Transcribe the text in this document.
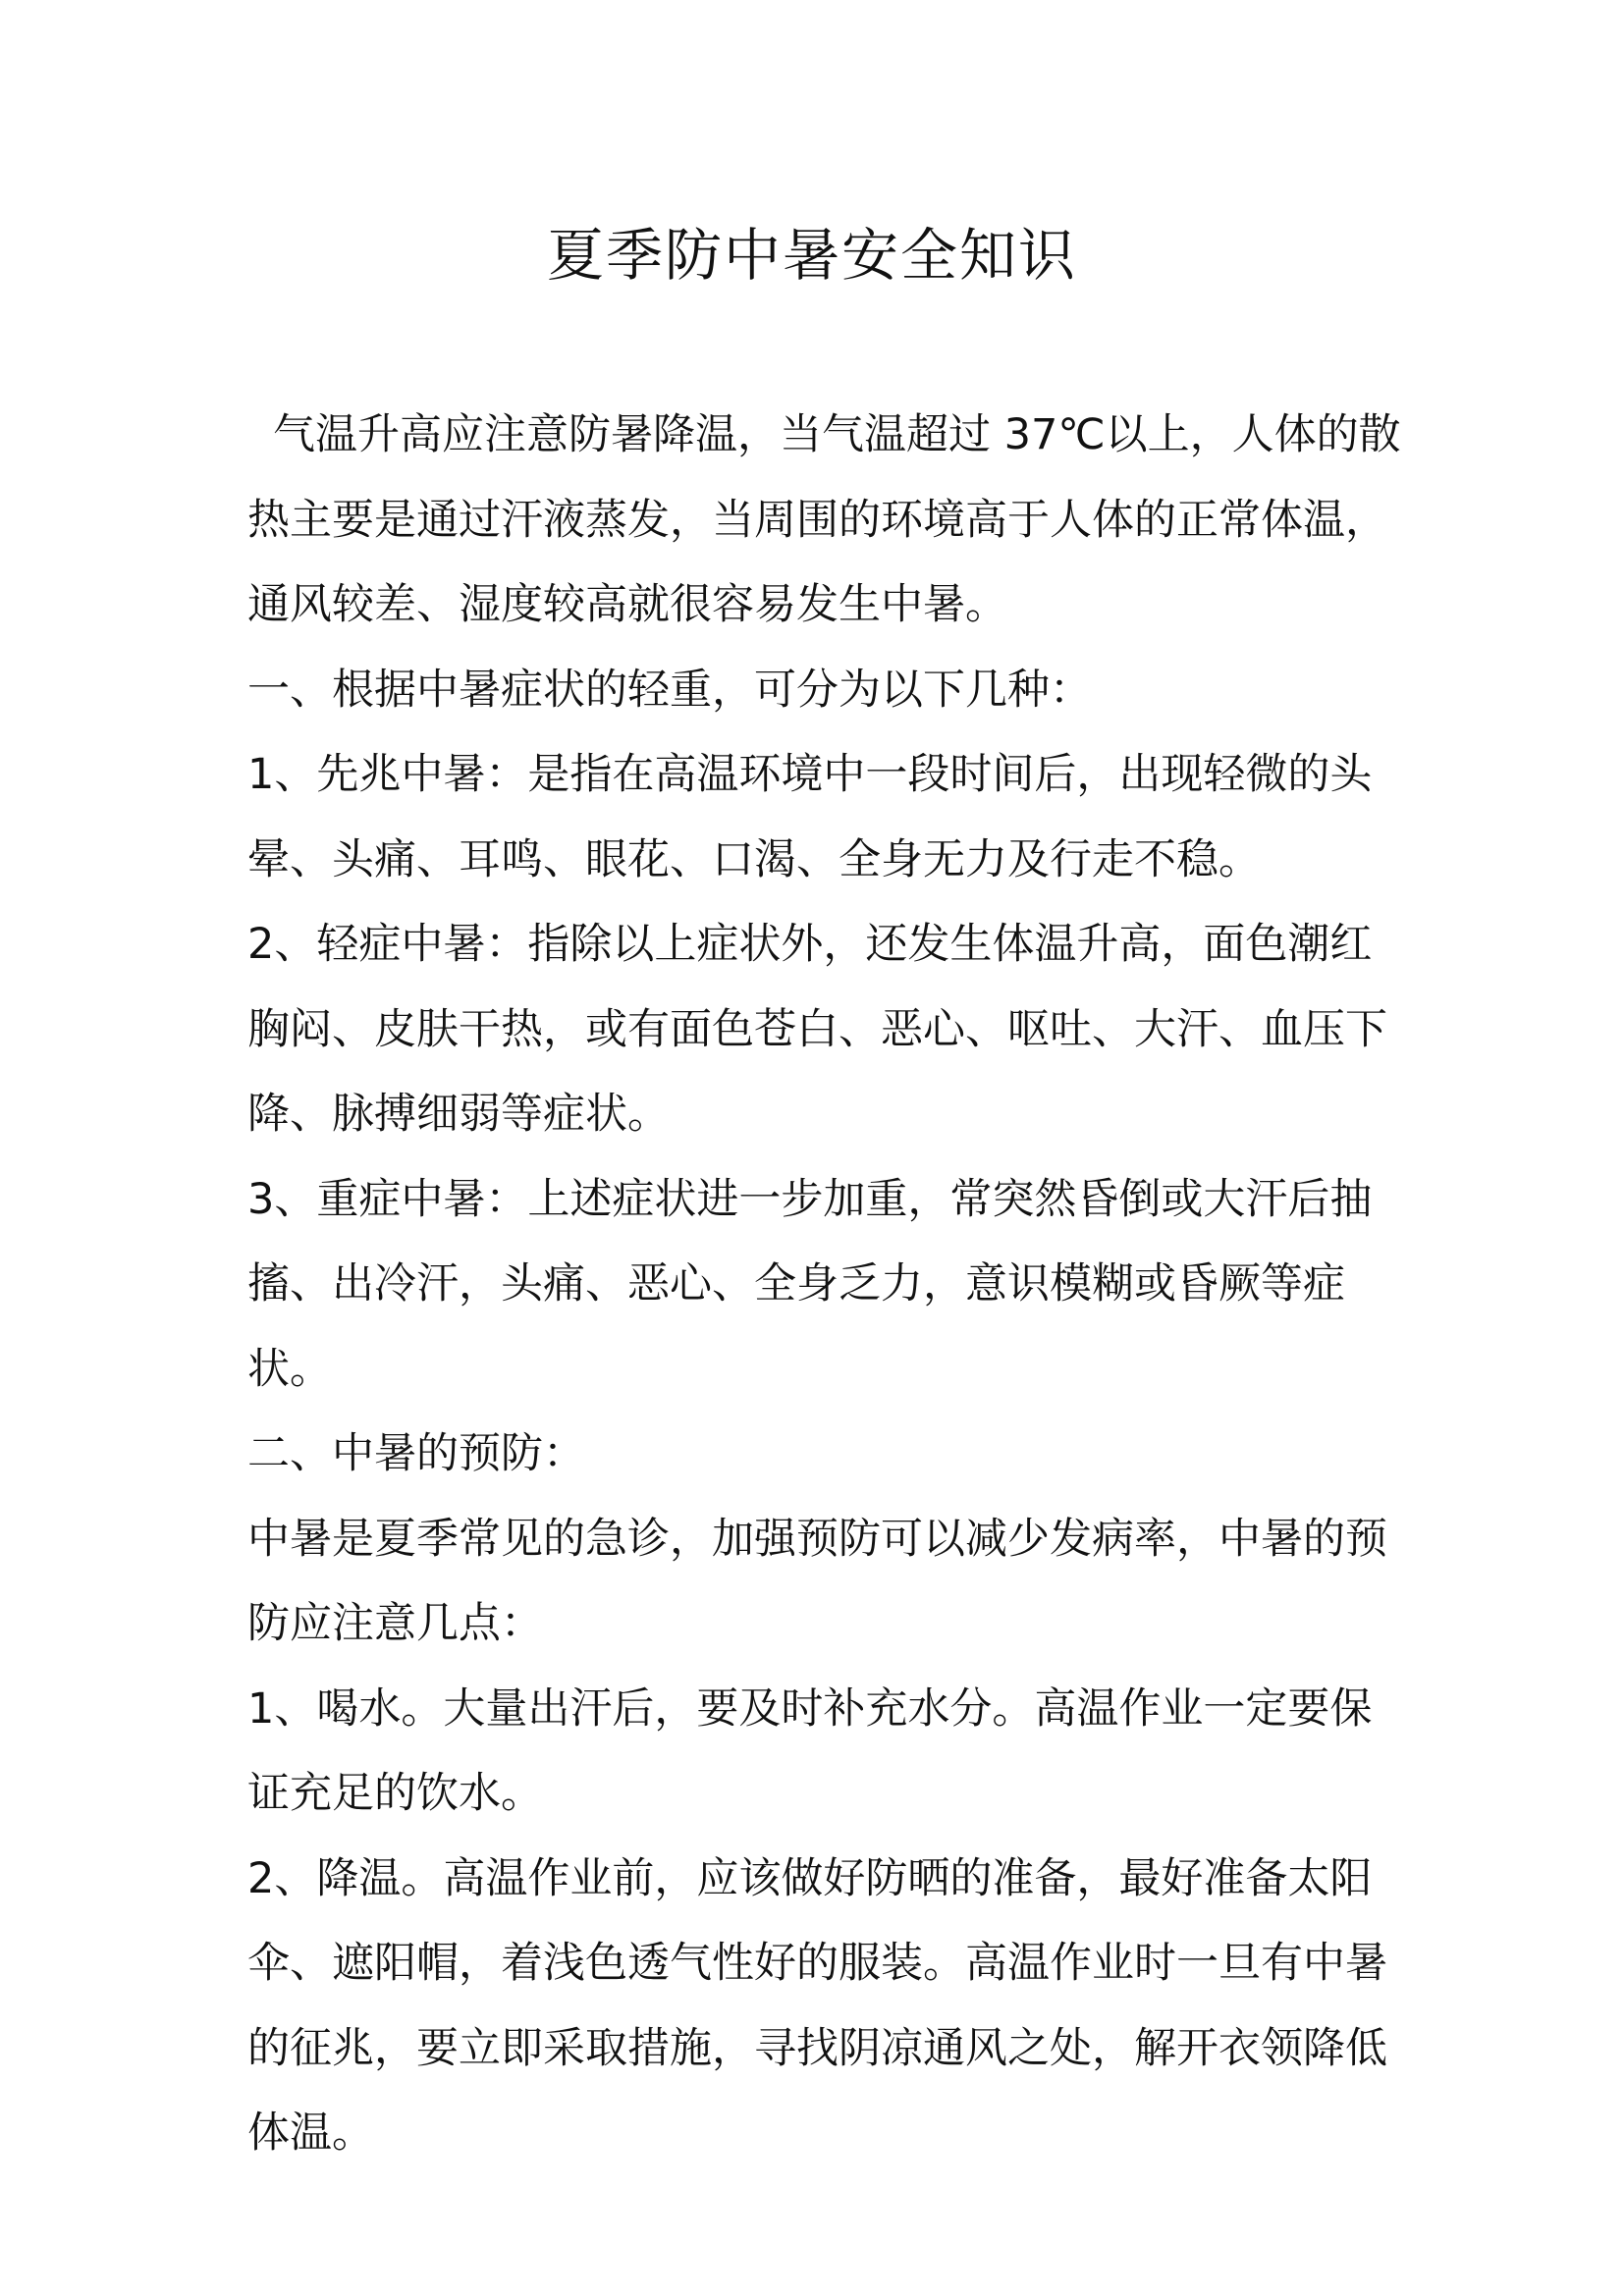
夏季防中暑安全知识

气温升高应注意防暑降温，当气温超过 37℃以上，人体的散热主要是通过汗液蒸发，当周围的环境高于人体的正常体温，通风较差、湿度较高就很容易发生中暑。

一、根据中暑症状的轻重，可分为以下几种：

1、先兆中暑：是指在高温环境中一段时间后，出现轻微的头晕、头痛、耳鸣、眼花、口渴、全身无力及行走不稳。

2、轻症中暑：指除以上症状外，还发生体温升高，面色潮红胸闷、皮肤干热，或有面色苍白、恶心、呕吐、大汗、血压下降、脉搏细弱等症状。

3、重症中暑：上述症状进一步加重，常突然昏倒或大汗后抽搐、出冷汗，头痛、恶心、全身乏力，意识模糊或昏厥等症状。

二、中暑的预防：

中暑是夏季常见的急诊，加强预防可以减少发病率，中暑的预防应注意几点：

1、喝水。大量出汗后，要及时补充水分。高温作业一定要保证充足的饮水。

2、降温。高温作业前，应该做好防晒的准备，最好准备太阳伞、遮阳帽，着浅色透气性好的服装。高温作业时一旦有中暑的征兆，要立即采取措施，寻找阴凉通风之处，解开衣领降低体温。
